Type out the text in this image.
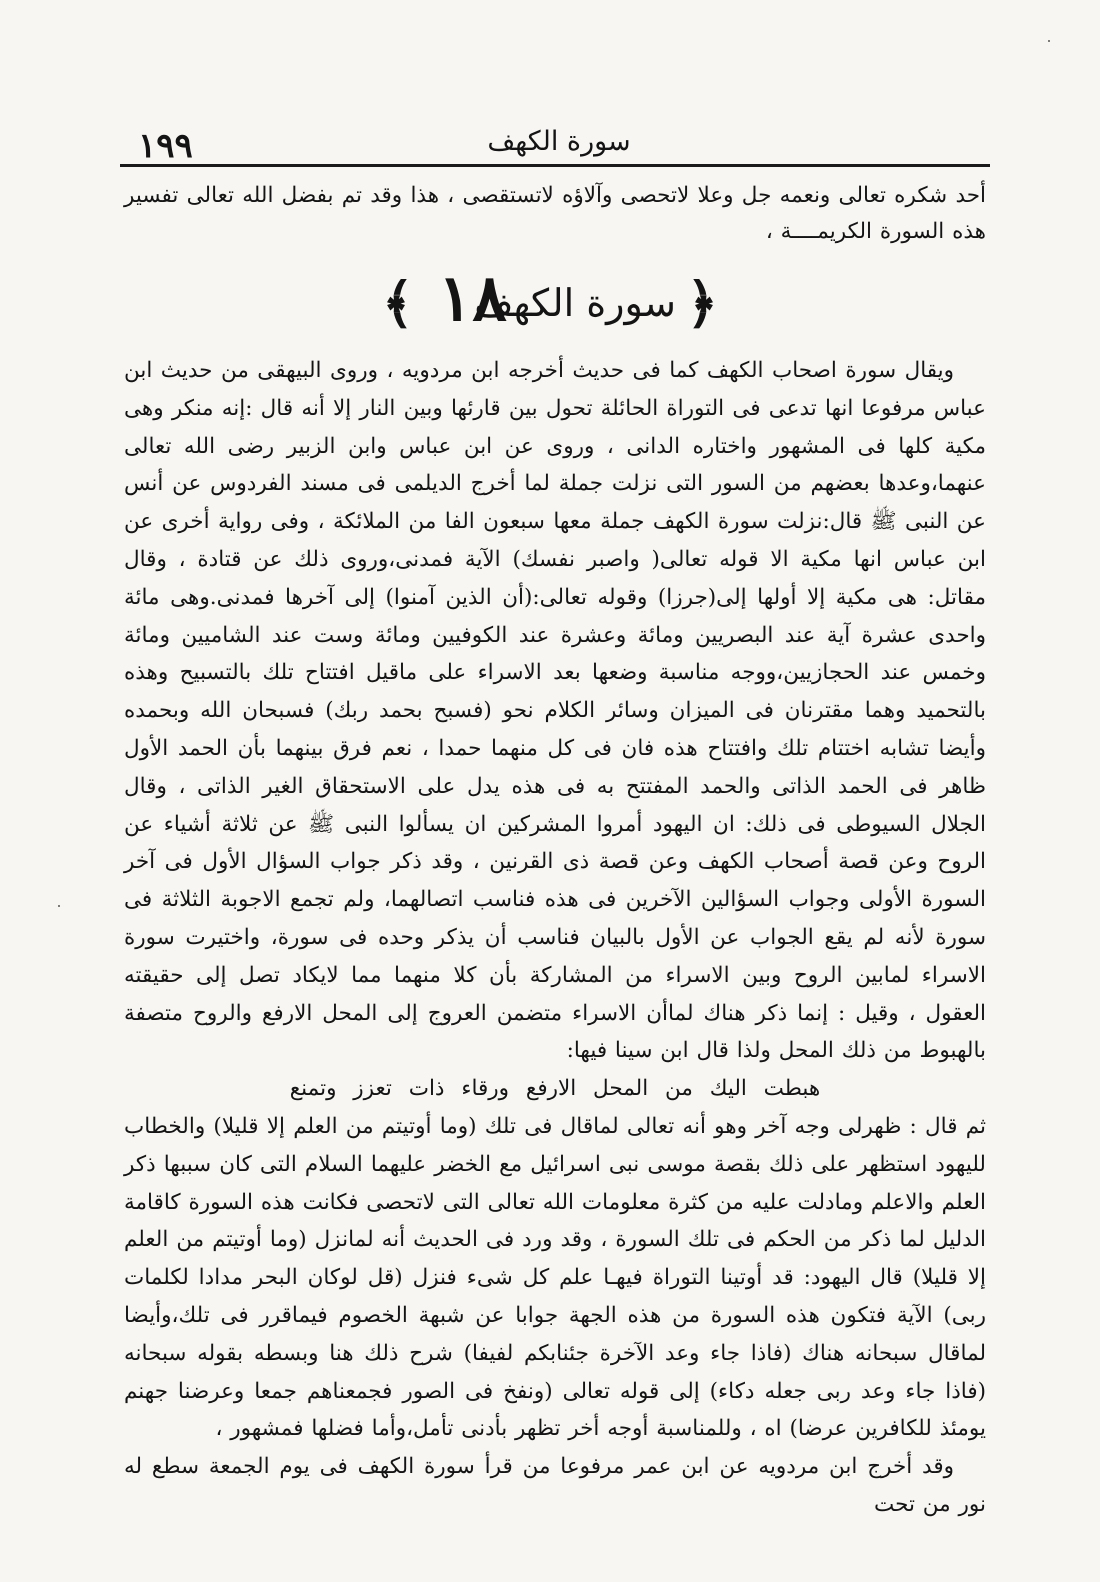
سورة الكهف
١٩٩
أحد شكره تعالى ونعمه جل وعلا لاتحصى وآلاؤه لاتستقصى ، هذا وقد تم بفضل الله تعالى تفسير هذه السورة الكريمــــة ،
﴿
سورة الكهف
١٨
﴾

ويقال سورة اصحاب الكهف كما فى حديث أخرجه ابن مردويه ، وروى البيهقى من حديث ابن عباس مرفوعا انها تدعى فى التوراة الحائلة تحول بين قارئها وبين النار إلا أنه قال :إنه منكر وهى مكية كلها فى المشهور واختاره الدانى ، وروى عن ابن عباس وابن الزبير رضى الله تعالى عنهما،وعدها بعضهم من السور التى نزلت جملة لما أخرج الديلمى فى مسند الفردوس عن أنس عن النبى ﷺ قال:نزلت سورة الكهف جملة معها سبعون الفا من الملائكة ، وفى رواية أخرى عن ابن عباس انها مكية الا قوله تعالى( واصبر نفسك) الآية فمدنى،وروى ذلك عن قتادة ، وقال مقاتل: هى مكية إلا أولها إلى(جرزا) وقوله تعالى:(أن الذين آمنوا) إلى آخرها فمدنى.وهى مائة واحدى عشرة آية عند البصريين ومائة وعشرة عند الكوفيين ومائة وست عند الشاميين ومائة وخمس عند الحجازيين،ووجه مناسبة وضعها بعد الاسراء على ماقيل افتتاح تلك بالتسبيح وهذه بالتحميد وهما مقترنان فى الميزان وسائر الكلام نحو (فسبح بحمد ربك) فسبحان الله وبحمده وأيضا تشابه اختتام تلك وافتتاح هذه فان فى كل منهما حمدا ، نعم فرق بينهما بأن الحمد الأول ظاهر فى الحمد الذاتى والحمد المفتتح به فى هذه يدل على الاستحقاق الغير الذاتى ، وقال الجلال السيوطى فى ذلك: ان اليهود أمروا المشركين ان يسألوا النبى ﷺ عن ثلاثة أشياء عن الروح وعن قصة أصحاب الكهف وعن قصة ذى القرنين ، وقد ذكر جواب السؤال الأول فى آخر السورة الأولى وجواب السؤالين الآخرين فى هذه فناسب اتصالهما، ولم تجمع الاجوبة الثلاثة فى سورة لأنه لم يقع الجواب عن الأول بالبيان فناسب أن يذكر وحده فى سورة، واختيرت سورة الاسراء لمابين الروح وبين الاسراء من المشاركة بأن كلا منهما مما لايكاد تصل إلى حقيقته العقول ، وقيل : إنما ذكر هناك لماأن الاسراء متضمن العروج إلى المحل الارفع والروح متصفة بالهبوط من ذلك المحل ولذا قال ابن سينا فيها:

هبطت اليك من المحل الارفع ورقاء ذات تعزز وتمنع

ثم قال : ظهرلى وجه آخر وهو أنه تعالى لماقال فى تلك (وما أوتيتم من العلم إلا قليلا) والخطاب لليهود استظهر على ذلك بقصة موسى نبى اسرائيل مع الخضر عليهما السلام التى كان سببها ذكر العلم والاعلم ومادلت عليه من كثرة معلومات الله تعالى التى لاتحصى فكانت هذه السورة كاقامة الدليل لما ذكر من الحكم فى تلك السورة ، وقد ورد فى الحديث أنه لمانزل (وما أوتيتم من العلم إلا قليلا) قال اليهود: قد أوتينا التوراة فيهـا علم كل شىء فنزل (قل لوكان البحر مدادا لكلمات ربى) الآية فتكون هذه السورة من هذه الجهة جوابا عن شبهة الخصوم فيماقرر فى تلك،وأيضا لماقال سبحانه هناك (فاذا جاء وعد الآخرة جئنابكم لفيفا) شرح ذلك هنا وبسطه بقوله سبحانه (فاذا جاء وعد ربى جعله دكاء) إلى قوله تعالى (ونفخ فى الصور فجمعناهم جمعا وعرضنا جهنم يومئذ للكافرين عرضا) اه ، وللمناسبة أوجه أخر تظهر بأدنى تأمل،وأما فضلها فمشهور ،

وقد أخرج ابن مردويه عن ابن عمر مرفوعا من قرأ سورة الكهف فى يوم الجمعة سطع له نور من تحت
